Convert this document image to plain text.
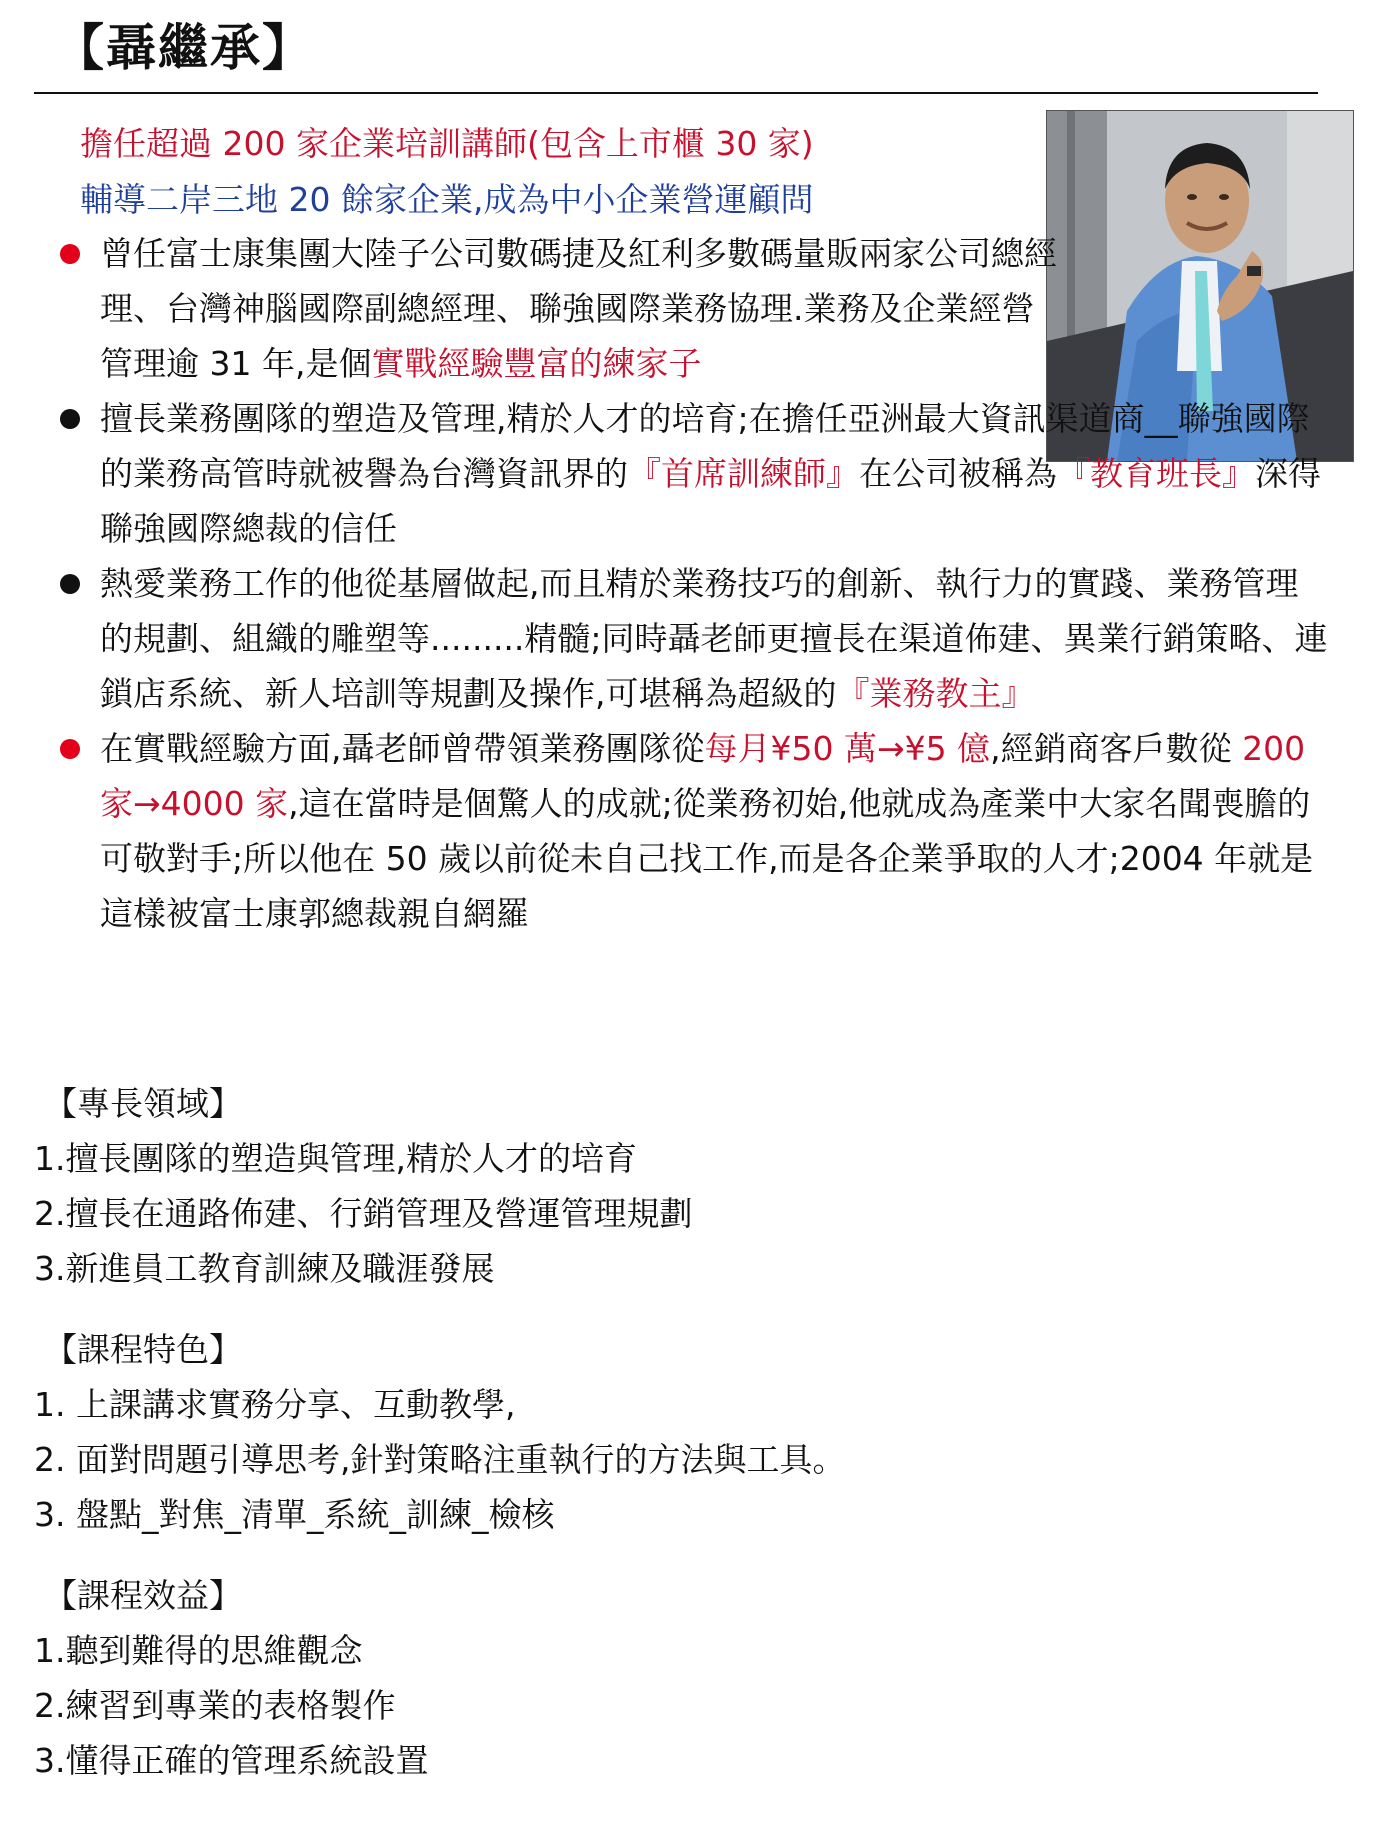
【聶繼承】
擔任超過 200 家企業培訓講師(包含上市櫃 30 家)
輔導二岸三地 20 餘家企業,成為中小企業營運顧問
曾任富士康集團大陸子公司數碼捷及紅利多數碼量販兩家公司總經理、台灣神腦國際副總經理、聯強國際業務協理.業務及企業經營管理逾 31 年,是個實戰經驗豐富的練家子
擅長業務團隊的塑造及管理,精於人才的培育;在擔任亞洲最大資訊渠道商__聯強國際的業務高管時就被譽為台灣資訊界的『首席訓練師』在公司被稱為『教育班長』深得聯強國際總裁的信任
熱愛業務工作的他從基層做起,而且精於業務技巧的創新、執行力的實踐、業務管理的規劃、組織的雕塑等.........精髓;同時聶老師更擅長在渠道佈建、異業行銷策略、連鎖店系統、新人培訓等規劃及操作,可堪稱為超級的『業務教主』
在實戰經驗方面,聶老師曾帶領業務團隊從每月¥50 萬→¥5 億,經銷商客戶數從 200 家→4000 家,這在當時是個驚人的成就;從業務初始,他就成為產業中大家名聞喪膽的可敬對手;所以他在 50 歲以前從未自己找工作,而是各企業爭取的人才;2004 年就是這樣被富士康郭總裁親自網羅
【專長領域】
1.擅長團隊的塑造與管理,精於人才的培育
2.擅長在通路佈建、行銷管理及營運管理規劃
3.新進員工教育訓練及職涯發展
【課程特色】
1. 上課講求實務分享、互動教學,
2. 面對問題引導思考,針對策略注重執行的方法與工具。
3. 盤點_對焦_清單_系統_訓練_檢核
【課程效益】
1.聽到難得的思維觀念
2.練習到專業的表格製作
3.懂得正確的管理系統設置
